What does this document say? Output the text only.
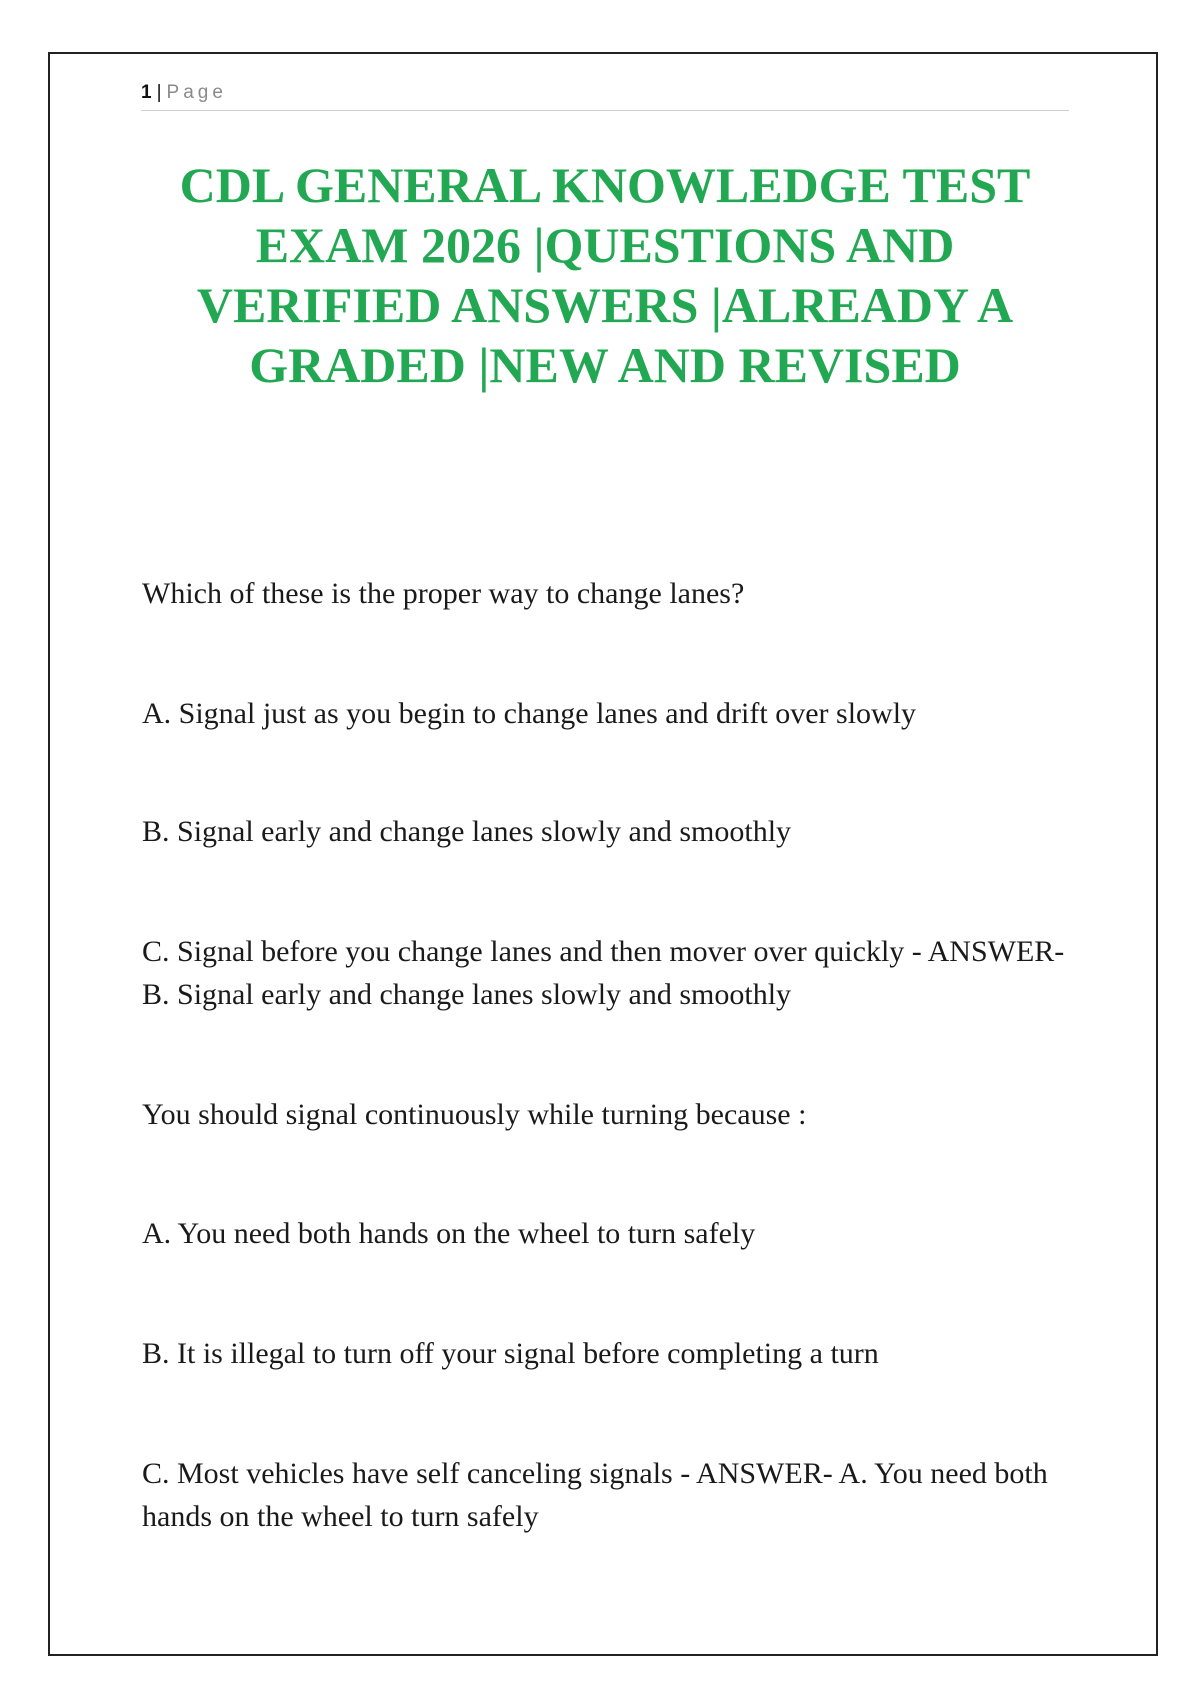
1 | Page
CDL GENERAL KNOWLEDGE TEST EXAM 2026 |QUESTIONS AND VERIFIED ANSWERS |ALREADY A GRADED |NEW AND REVISED

Which of these is the proper way to change lanes?

A. Signal just as you begin to change lanes and drift over slowly

B. Signal early and change lanes slowly and smoothly

C. Signal before you change lanes and then mover over quickly - ANSWER- B. Signal early and change lanes slowly and smoothly

You should signal continuously while turning because :

A. You need both hands on the wheel to turn safely

B. It is illegal to turn off your signal before completing a turn

C. Most vehicles have self canceling signals - ANSWER- A. You need both hands on the wheel to turn safely
